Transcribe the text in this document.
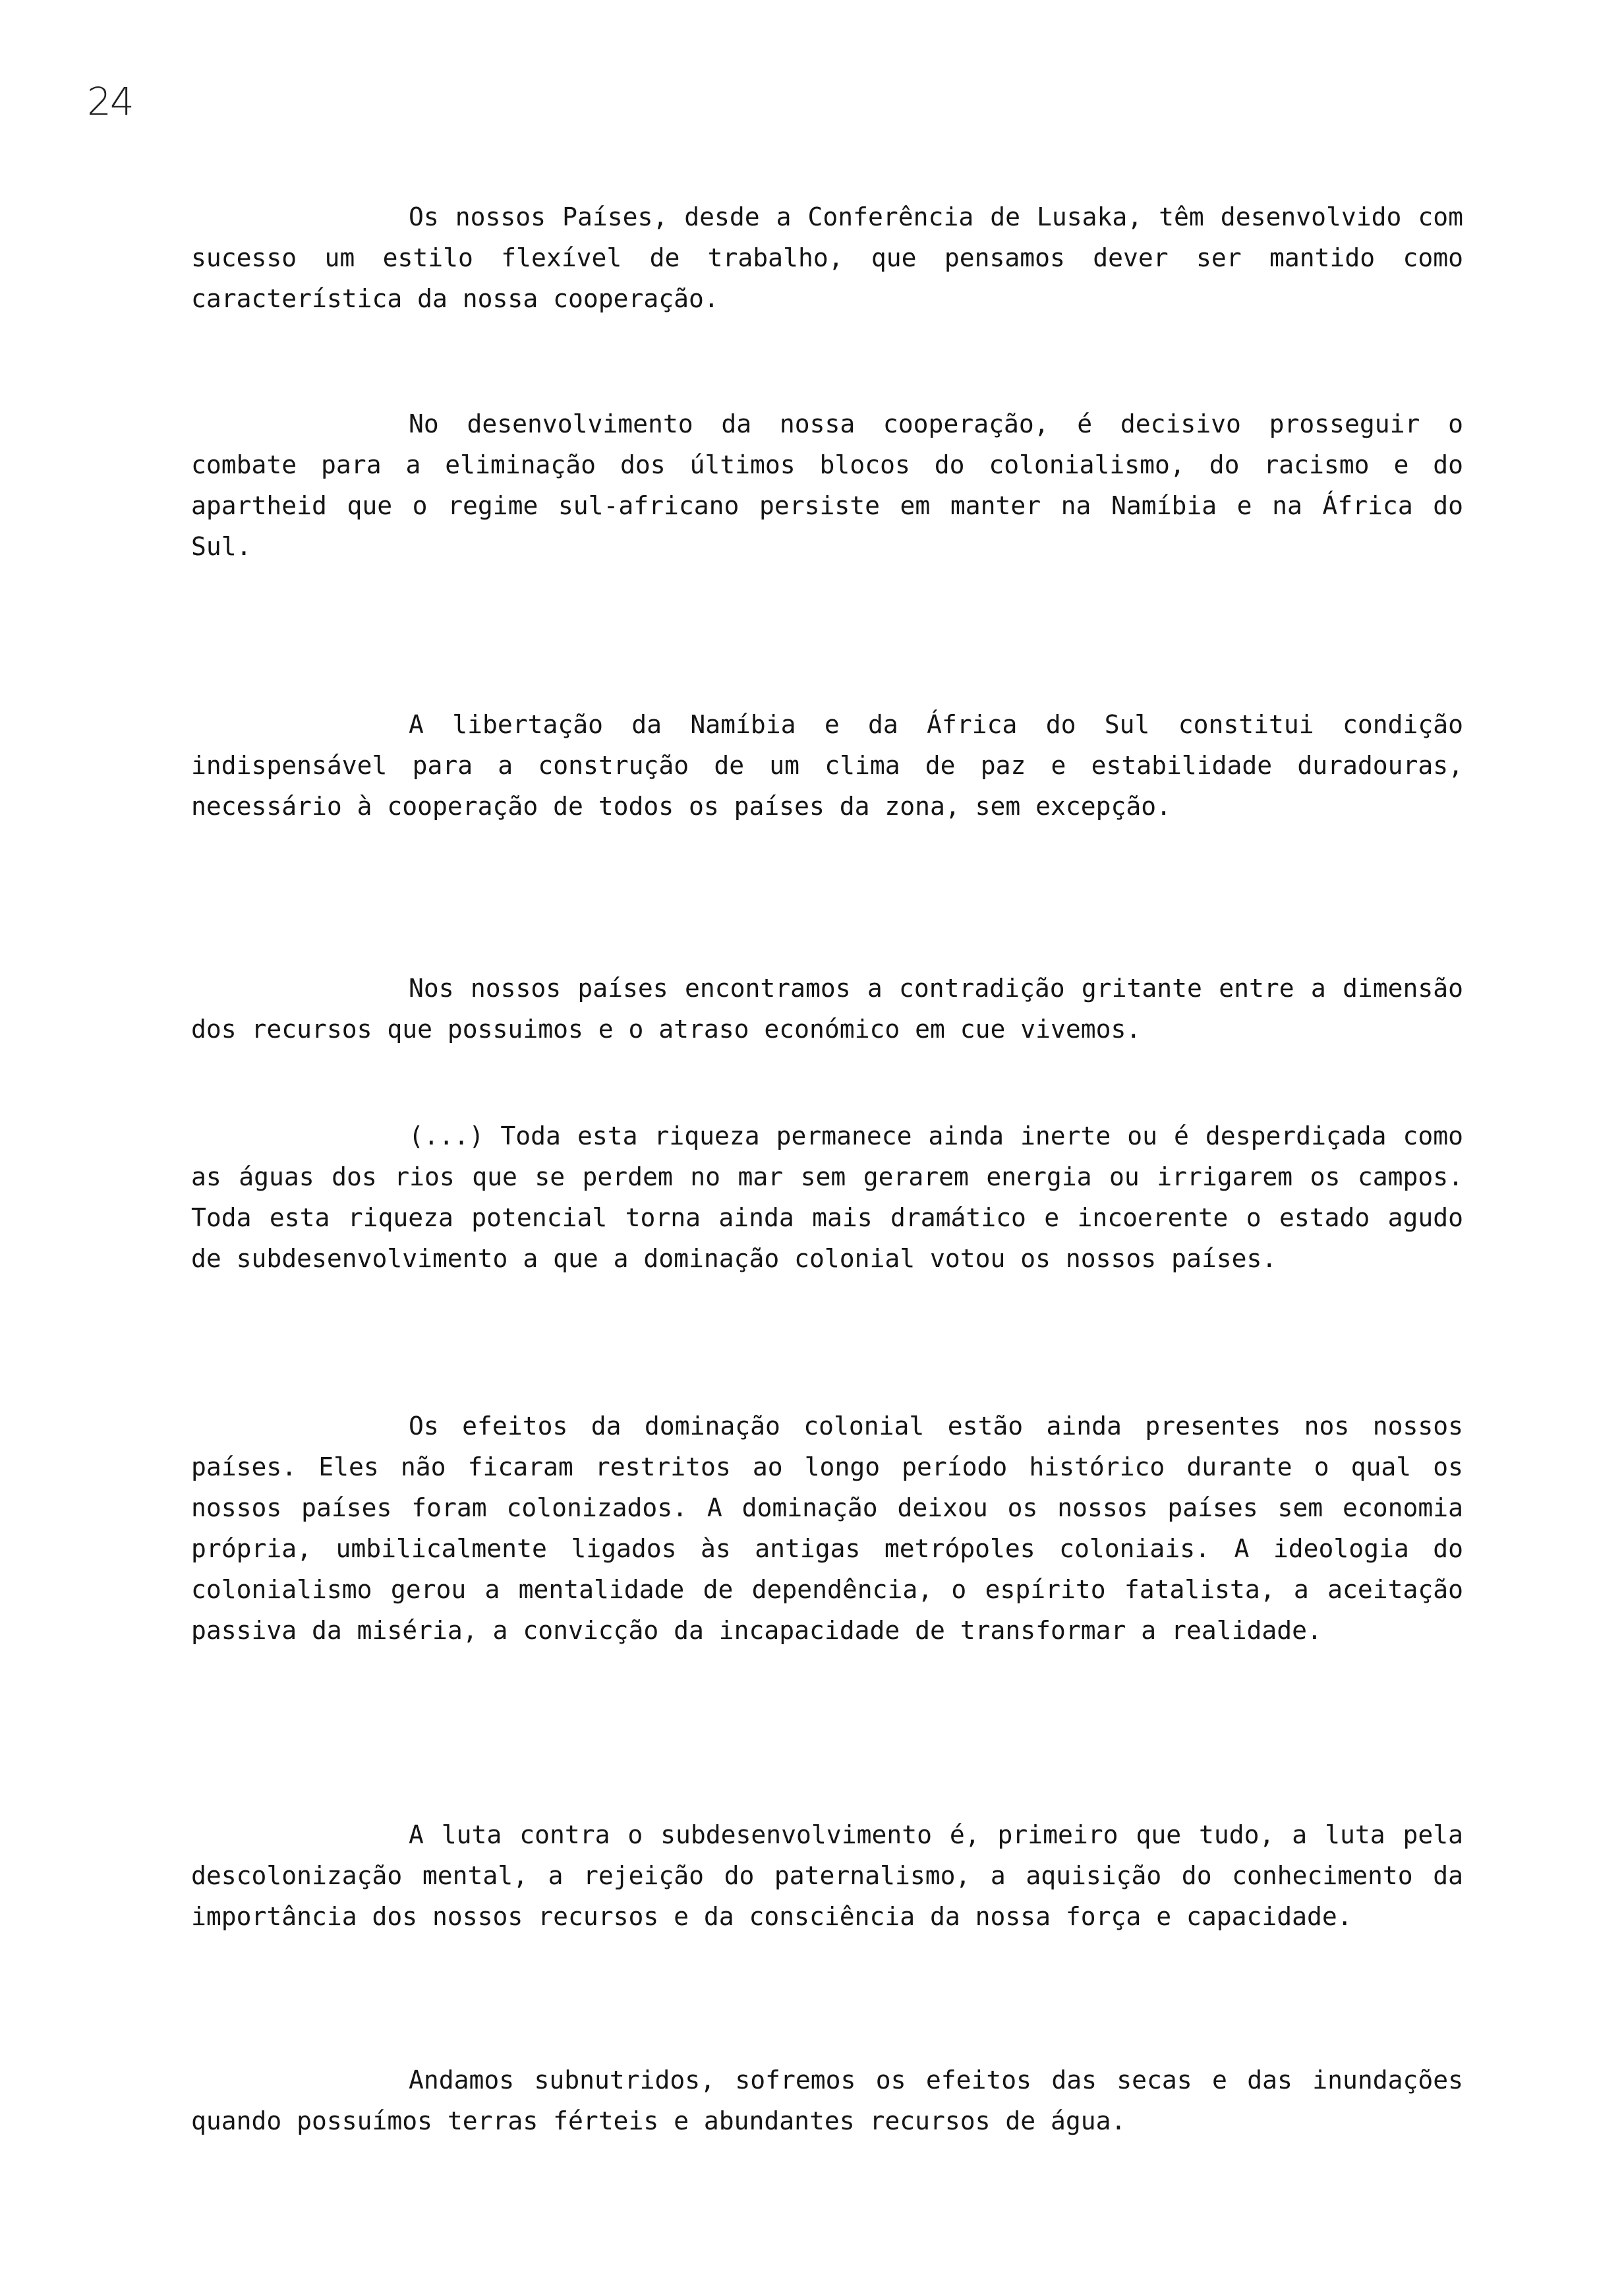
24

Os nossos Países, desde a Conferência de Lusaka, têm desenvolvido com sucesso um estilo flexível de trabalho, que pensamos dever ser mantido como característica da nossa cooperação.

No desenvolvimento da nossa cooperação, é decisivo prosseguir o combate para a eliminação dos últimos blocos do colonialismo, do racismo e do apartheid que o regime sul-africano persiste em manter na Namíbia e na África do Sul.

A libertação da Namíbia e da África do Sul constitui condição indispensável para a construção de um clima de paz e estabilidade duradouras, necessário à cooperação de todos os países da zona, sem excepção.

Nos nossos países encontramos a contradição gritante entre a dimensão dos recursos que possuimos e o atraso económico em cue vivemos.

(...) Toda esta riqueza permanece ainda inerte ou é desperdiçada como as águas dos rios que se perdem no mar sem gerarem energia ou irrigarem os campos. Toda esta riqueza potencial torna ainda mais dramático e incoerente o estado agudo de subdesenvolvimento a que a dominação colonial votou os nossos países.

Os efeitos da dominação colonial estão ainda presentes nos nossos países. Eles não ficaram restritos ao longo período histórico durante o qual os nossos países foram colonizados. A dominação deixou os nossos países sem economia própria, umbilicalmente ligados às antigas metrópoles coloniais. A ideologia do colonialismo gerou a mentalidade de dependência, o espírito fatalista, a aceitação passiva da miséria, a convicção da incapacidade de transformar a realidade.

A luta contra o subdesenvolvimento é, primeiro que tudo, a luta pela descolonização mental, a rejeição do paternalismo, a aquisição do conhecimento da importância dos nossos recursos e da consciência da nossa força e capacidade.

Andamos subnutridos, sofremos os efeitos das secas e das inundações quando possuímos terras férteis e abundantes recursos de água.
